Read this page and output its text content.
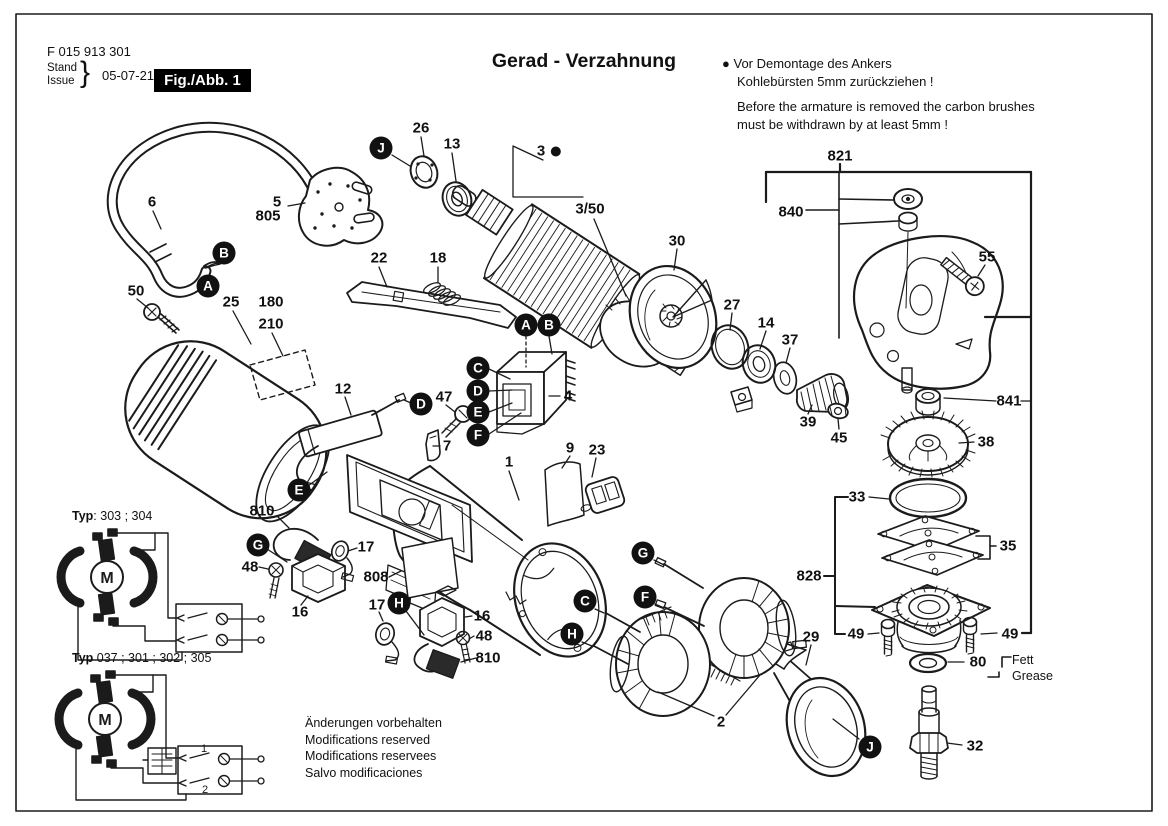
M
M
1
2
F 015 913 301
Stand
Issue } 05-07-21 Fig./Abb. 1
Gerad - Verzahnung	● Vor Demontage des Ankers
Kohlebürsten 5mm zurückziehen !
Before the armature is removed the carbon brushes
must be withdrawn by at least 5mm !
Typ: 303 ; 304
Typ 037 ; 301 ; 302 ; 305	Fett
Grease
Änderungen vorbehalten
Modifications reserved
Modifications reservees
Salvo modificaciones
26
13	3
3/50
30
27
14
37
39
45
821
840
55
841
38
33
35
828
49	49
80
32
29
2
22	18
50
25 180
210
6	5
805
12	47
7
4
1
9 23
810
48
17
16
808
17
16
48
810
J
B
A
A B
C
D
E
F
D
E
G
H
G
F
C
H
J
